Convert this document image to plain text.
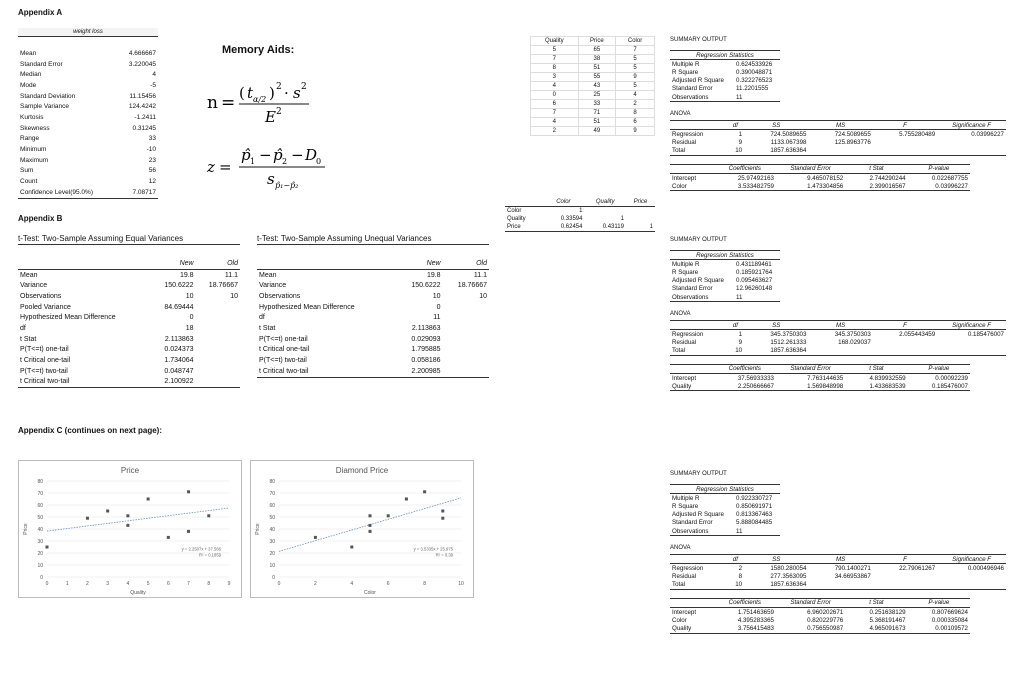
Appendix A
weight loss
Mean	4.666667
Standard Error	3.220045
Median	4
Mode	-5
Standard Deviation	11.15456
Sample Variance	124.4242
Kurtosis	-1.2411
Skewness	0.31245
Range	33
Minimum	-10
Maximum	23
Sum	56
Count	12
Confidence Level(95.0%)	7.08717
Memory Aids:
n = ( t α/2 ) 2 · s 2
E 2
z =
p̂ 1 − p̂ 2 − D
0
s p̂₁−p̂₂
Appendix B
t-Test: Two-Sample Assuming Equal Variances
	New	Old
Mean	19.8	11.1
Variance	150.6222	18.76667
Observations	10	10
Pooled Variance	84.69444	
Hypothesized Mean Difference	0	
df	18	
t Stat	2.113863	
P(T<=t) one-tail	0.024373	
t Critical one-tail	1.734064	
P(T<=t) two-tail	0.048747	
t Critical two-tail	2.100922	
t-Test: Two-Sample Assuming Unequal Variances
	New	Old
Mean	19.8	11.1
Variance	150.6222	18.76667
Observations	10	10
Hypothesized Mean Difference	0	
df	11	
t Stat	2.113863	
P(T<=t) one-tail	0.029093	
t Critical one-tail	1.795885	
P(T<=t) two-tail	0.058186	
t Critical two-tail	2.200985	
Appendix C (continues on next page):
Price
0
10
20
30
40
50
60
70
80
0	1	2	3	4	5	6	7	8	9
Quality
Price
y = 2.2507x + 37.566
R² = 0.1859
Diamond Price
0
10
20
30
40
50
60
70
80
0	2	4	6	8	10
Color
Price
y = 3.5335x + 25.975
R² = 0.39
Quality	Price	Color
5	65	7
7	38	5
8	51	5
3	55	9
4	43	5
0	25	4
6	33	2
7	71	8
4	51	6
2	49	9
	Color	Quality	Price
Color	1		
Quality	0.33594	1	
Price	0.62454	0.43119	1
SUMMARY OUTPUT
Regression Statistics	
Multiple R	0.624533926
R Square	0.390048871
Adjusted R Square	0.322276523
Standard Error	11.2201555
Observations	11
ANOVA
	df	SS	MS	F	Significance F
Regression	1	724.5089655	724.5089655	5.755280489	0.03996227
Residual	9	1133.067398	125.8963776		
Total	10	1857.636364			
	Coefficients	Standard Error	t Stat	P-value
Intercept	25.97492163	9.465078152	2.744290244	0.022687755
Color	3.533482759	1.473304856	2.399016567	0.03996227
SUMMARY OUTPUT
Regression Statistics	
Multiple R	0.431189461
R Square	0.185921764
Adjusted R Square	0.095463627
Standard Error	12.96260148
Observations	11
ANOVA
	df	SS	MS	F	Significance F
Regression	1	345.3750303	345.3750303	2.055443459	0.185476007
Residual	9	1512.261333	168.029037		
Total	10	1857.636364			
	Coefficients	Standard Error	t Stat	P-value
Intercept	37.56933333	7.763144635	4.839932559	0.00092239
Quality	2.250666667	1.569848998	1.433683539	0.185476007
SUMMARY OUTPUT
Regression Statistics	
Multiple R	0.922330727
R Square	0.850691971
Adjusted R Square	0.813367463
Standard Error	5.888084485
Observations	11
ANOVA
	df	SS	MS	F	Significance F
Regression	2	1580.280054	790.1400271	22.79061267	0.000496946
Residual	8	277.3563095	34.66953867		
Total	10	1857.636364			
	Coefficients	Standard Error	t Stat	P-value
Intercept	1.751463659	6.960202671	0.251638129	0.807669624
Color	4.395283365	0.820229776	5.368191467	0.000335084
Quality	3.756415483	0.756550987	4.965091673	0.00109572
